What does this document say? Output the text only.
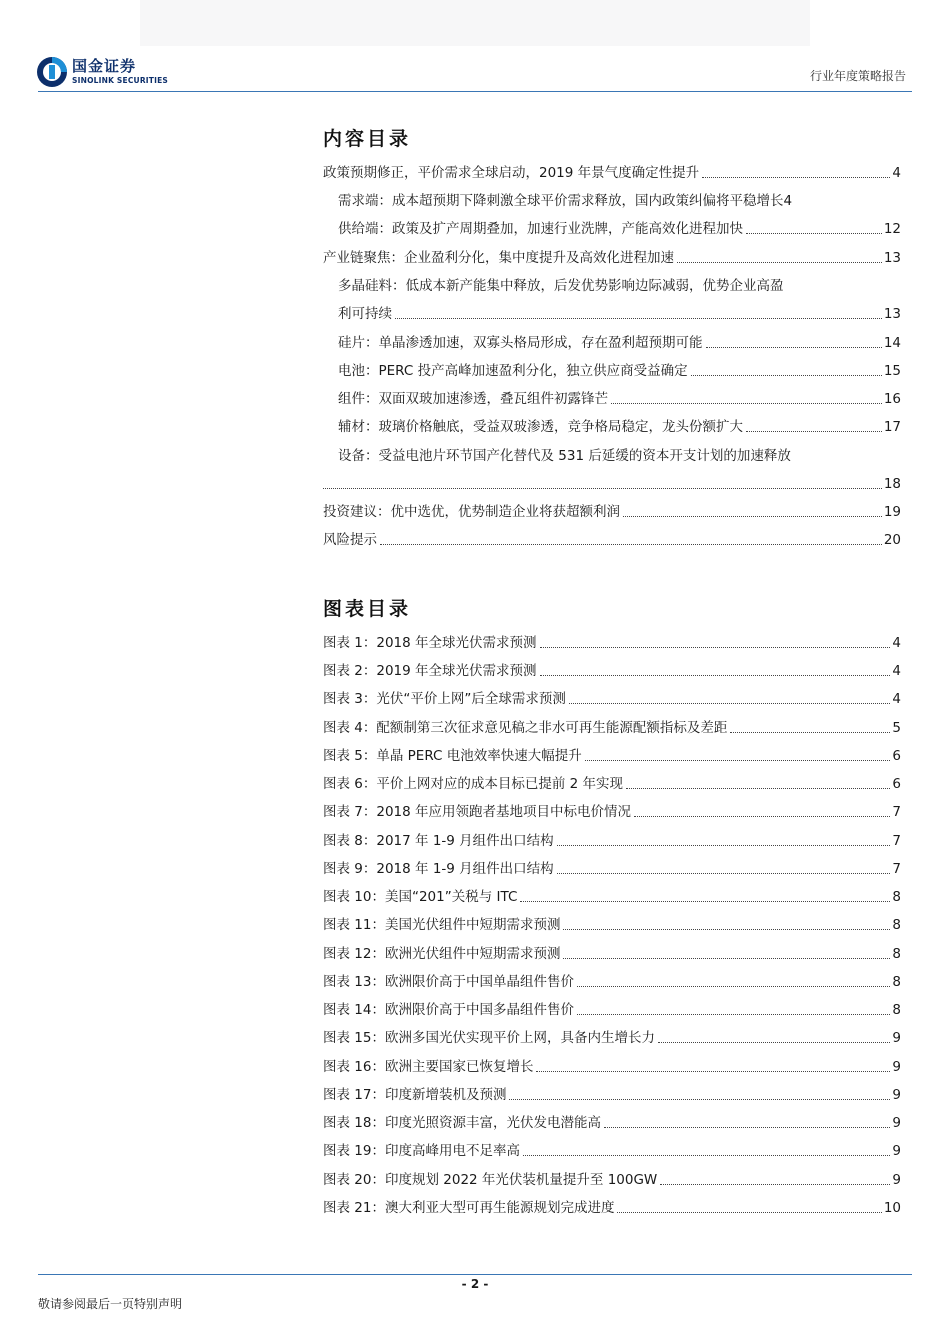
国金证券
SINOLINK SECURITIES	行业年度策略报告
内容目录
政策预期修正，平价需求全球启动，2019 年景气度确定性提升	4
需求端：成本超预期下降刺激全球平价需求释放，国内政策纠偏将平稳增长 4
供给端：政策及扩产周期叠加，加速行业洗牌，产能高效化进程加快	12
产业链聚焦：企业盈利分化，集中度提升及高效化进程加速	13
多晶硅料：低成本新产能集中释放，后发优势影响边际减弱，优势企业高盈
利可持续	13
硅片：单晶渗透加速，双寡头格局形成，存在盈利超预期可能	14
电池：PERC 投产高峰加速盈利分化，独立供应商受益确定	15
组件：双面双玻加速渗透，叠瓦组件初露锋芒	16
辅材：玻璃价格触底，受益双玻渗透，竞争格局稳定，龙头份额扩大	17
设备：受益电池片环节国产化替代及 531 后延缓的资本开支计划的加速释放
18
投资建议：优中选优，优势制造企业将获超额利润	19
风险提示	20
图表目录
图表 1：2018 年全球光伏需求预测	4
图表 2：2019 年全球光伏需求预测	4
图表 3：光伏“平价上网”后全球需求预测	4
图表 4：配额制第三次征求意见稿之非水可再生能源配额指标及差距	5
图表 5：单晶 PERC 电池效率快速大幅提升	6
图表 6：平价上网对应的成本目标已提前 2 年实现	6
图表 7：2018 年应用领跑者基地项目中标电价情况	7
图表 8：2017 年 1-9 月组件出口结构	7
图表 9：2018 年 1-9 月组件出口结构	7
图表 10：美国“201”关税与 ITC	8
图表 11：美国光伏组件中短期需求预测	8
图表 12：欧洲光伏组件中短期需求预测	8
图表 13：欧洲限价高于中国单晶组件售价	8
图表 14：欧洲限价高于中国多晶组件售价	8
图表 15：欧洲多国光伏实现平价上网，具备内生增长力	9
图表 16：欧洲主要国家已恢复增长	9
图表 17：印度新增装机及预测	9
图表 18：印度光照资源丰富，光伏发电潜能高	9
图表 19：印度高峰用电不足率高	9
图表 20：印度规划 2022 年光伏装机量提升至 100GW	9
图表 21：澳大利亚大型可再生能源规划完成进度	10
- 2 -
敬请参阅最后一页特别声明
